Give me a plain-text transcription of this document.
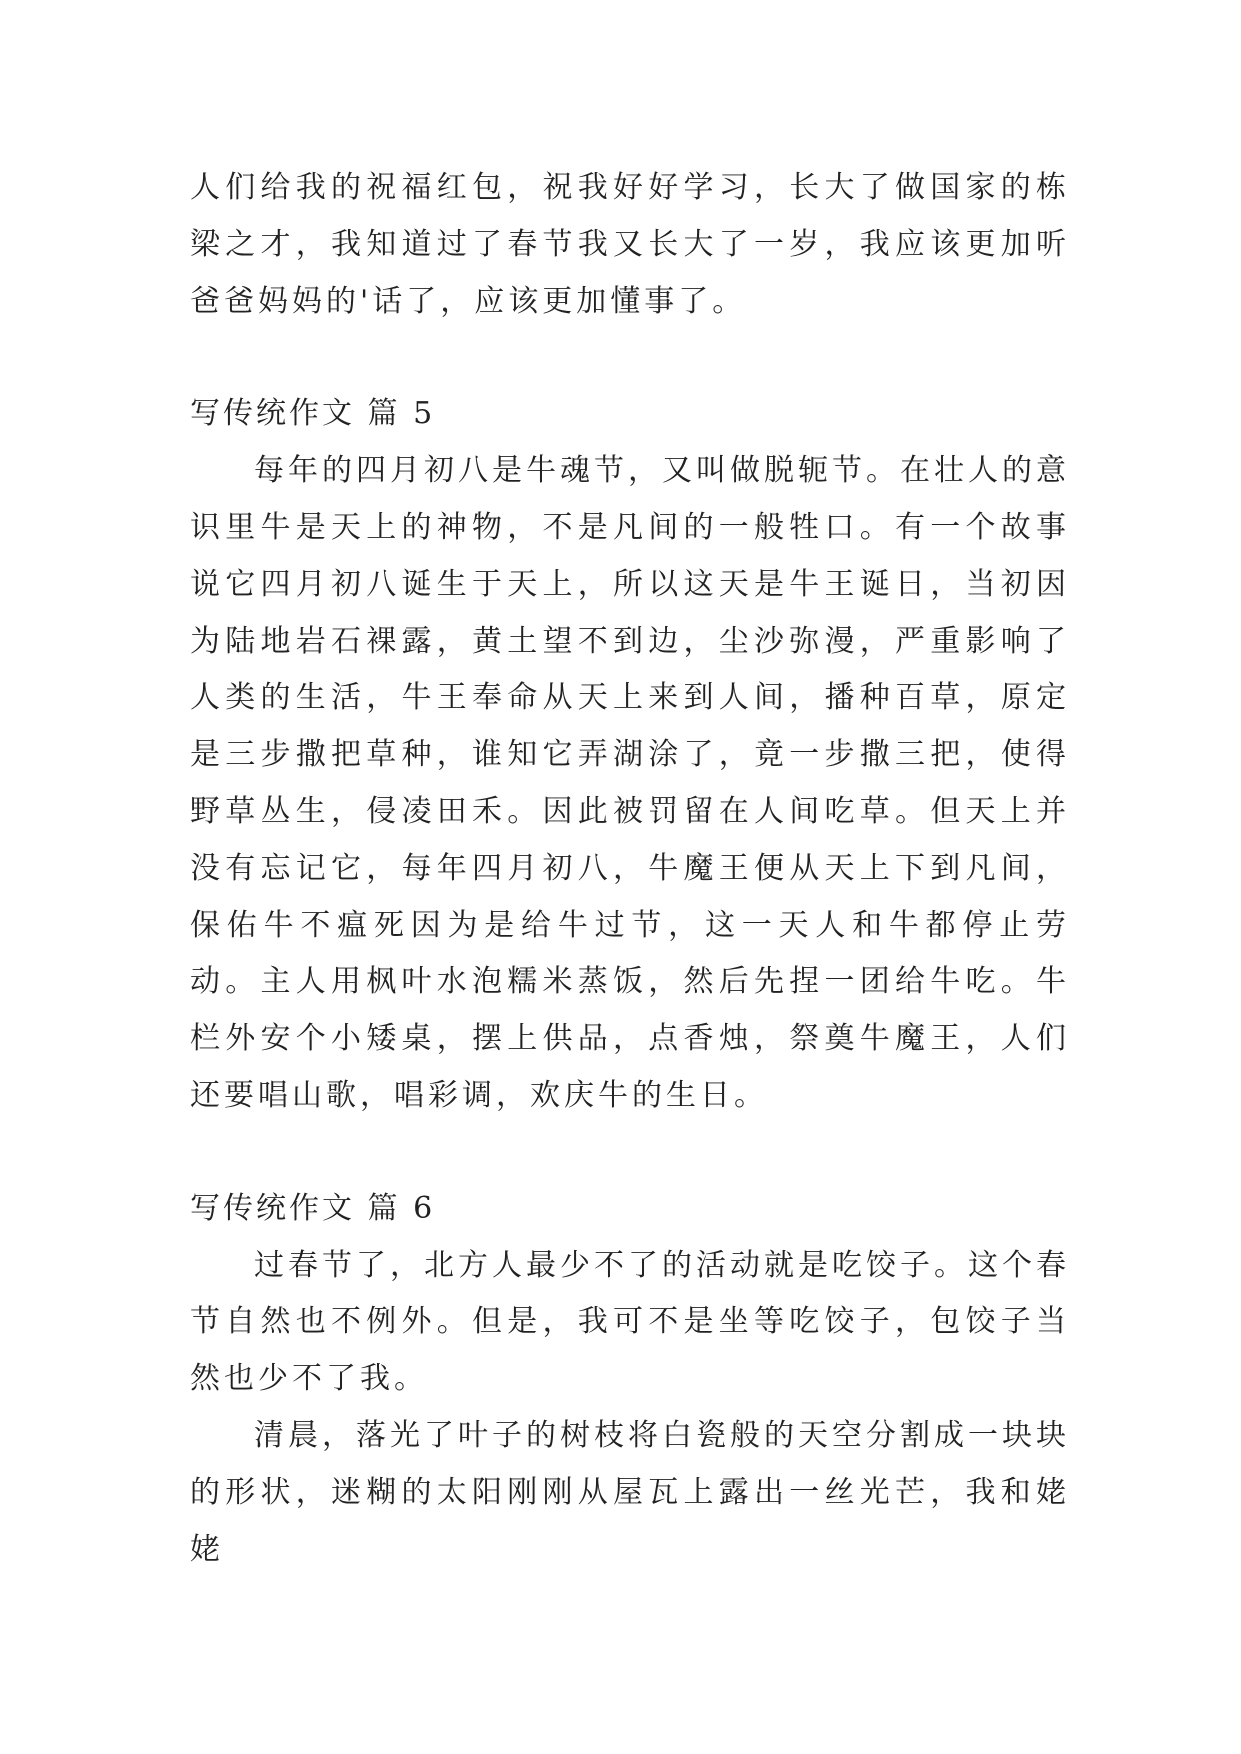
人们给我的祝福红包，祝我好好学习，长大了做国家的栋梁之才，我知道过了春节我又长大了一岁，我应该更加听爸爸妈妈的'话了，应该更加懂事了。

写传统作文 篇 5

每年的四月初八是牛魂节，又叫做脱轭节。在壮人的意识里牛是天上的神物，不是凡间的一般牲口。有一个故事说它四月初八诞生于天上，所以这天是牛王诞日，当初因为陆地岩石裸露，黄土望不到边，尘沙弥漫，严重影响了人类的生活，牛王奉命从天上来到人间，播种百草，原定是三步撒把草种，谁知它弄湖涂了，竟一步撒三把，使得野草丛生，侵凌田禾。因此被罚留在人间吃草。但天上并没有忘记它，每年四月初八，牛魔王便从天上下到凡间，保佑牛不瘟死因为是给牛过节，这一天人和牛都停止劳动。主人用枫叶水泡糯米蒸饭，然后先捏一团给牛吃。牛栏外安个小矮桌，摆上供品，点香烛，祭奠牛魔王，人们还要唱山歌，唱彩调，欢庆牛的生日。

写传统作文 篇 6

过春节了，北方人最少不了的活动就是吃饺子。这个春节自然也不例外。但是，我可不是坐等吃饺子，包饺子当然也少不了我。

清晨，落光了叶子的树枝将白瓷般的天空分割成一块块的形状，迷糊的太阳刚刚从屋瓦上露出一丝光芒，我和姥姥
